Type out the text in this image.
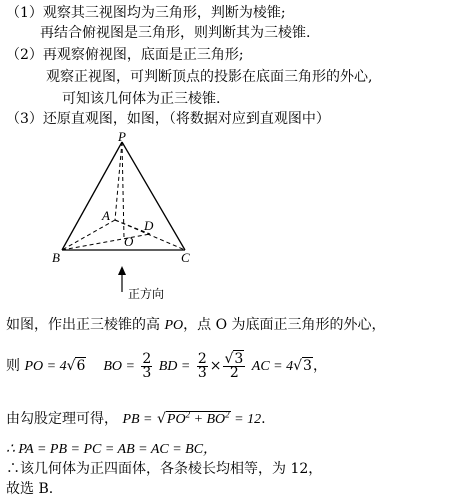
（1）观察其三视图均为三角形，判断为棱锥;
再结合俯视图是三角形，则判断其为三棱锥.
（2）再观察俯视图，底面是正三角形;
观察正视图，可判断顶点的投影在底面三角形的外心,
可知该几何体为正三棱锥.
（3）还原直观图，如图，（将数据对应到直观图中）
P
A
D
O
B	C
正方向
如图，作出正三棱锥的高 PO，点 O 为底面正三角形的外心，
则 PO = 4√6 BO = $\frac{2}{3}$ BD = $\frac{2}{3} \times \frac{√3}{2}$ AC = 4√3，
由勾股定理可得， PB = $√PO^2 + BO^2 = 12$.
∴ PA = PB = PC = AB = AC = BC，
∴该几何体为正四面体，各条棱长均相等，为 12，
故选 B.
